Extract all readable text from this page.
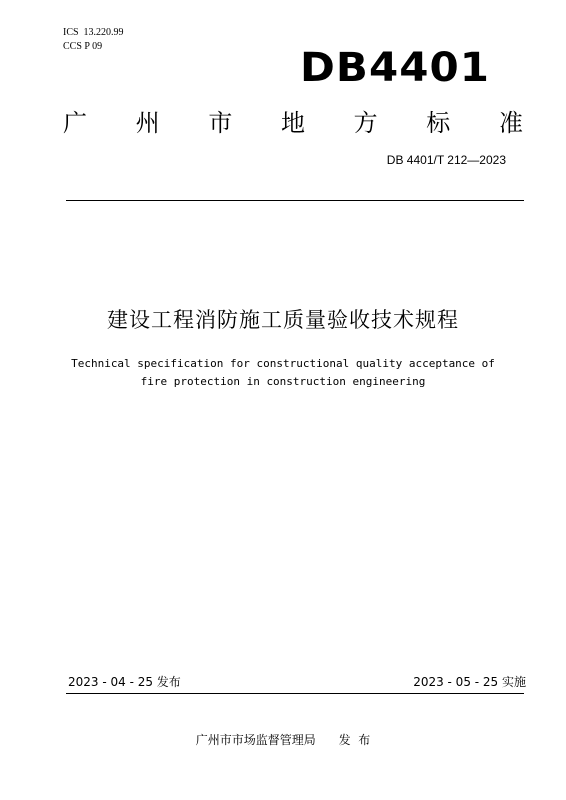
ICS  13.220.99
CCS P 09	DB4401
广 州 市 地 方 标 准
DB 4401/T 212—2023
建设工程消防施工质量验收技术规程
Technical specification for constructional quality acceptance of
fire protection in construction engineering
2023 - 04 - 25 发布	2023 - 05 - 25 实施
广州市市场监督管理局      发  布
